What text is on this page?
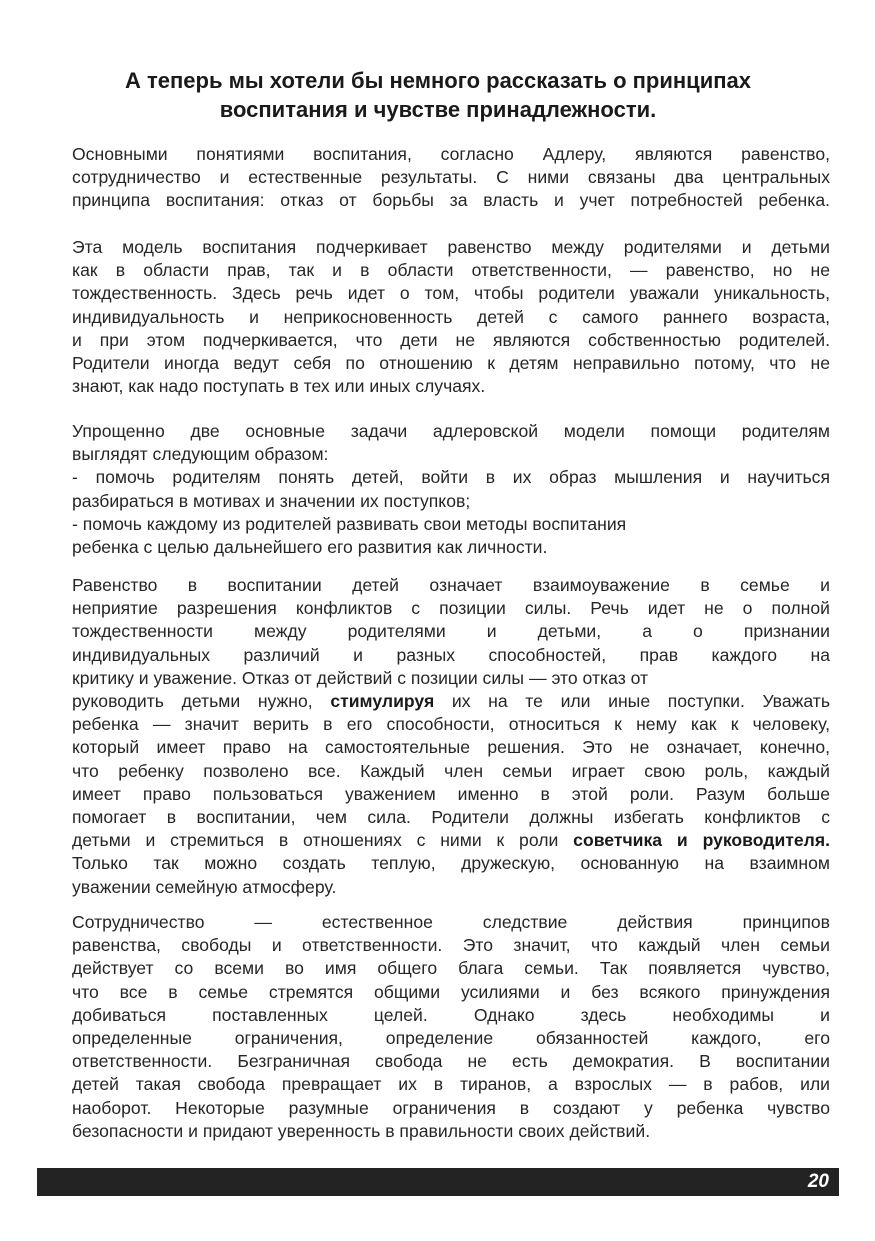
А теперь мы хотели бы немного рассказать о принципах
воспитания и чувстве принадлежности.

Основными понятиями воспитания, согласно Адлеру, являются равенство,
сотрудничество и естественные результаты. С ними связаны два центральных
принципа воспитания: отказ от борьбы за власть и учет потребностей ребенка.

Эта модель воспитания подчеркивает равенство между родителями и детьми
как в области прав, так и в области ответственности, — равенство, но не
тождественность. Здесь речь идет о том, чтобы родители уважали уникальность,
индивидуальность и неприкосновенность детей с самого раннего возраста,
и при этом подчеркивается, что дети не являются собственностью родителей.
Родители иногда ведут себя по отношению к детям неправильно потому, что не
знают, как надо поступать в тех или иных случаях.

Упрощенно две основные задачи адлеровской модели помощи родителям
выглядят следующим образом:
- помочь родителям понять детей, войти в их образ мышления и научиться
разбираться в мотивах и значении их поступков;
- помочь каждому из родителей развивать свои методы воспитания
ребенка с целью дальнейшего его развития как личности.

Равенство в воспитании детей означает взаимоуважение в семье и
неприятие разрешения конфликтов с позиции силы. Речь идет не о полной
тождественности между родителями и детьми, а о признании
индивидуальных различий и разных способностей, прав каждого на
критику и уважение. Отказ от действий с позиции силы — это отказ от
руководить детьми нужно, стимулируя их на те или иные поступки. Уважать
ребенка — значит верить в его способности, относиться к нему как к человеку,
который имеет право на самостоятельные решения. Это не означает, конечно,
что ребенку позволено все. Каждый член семьи играет свою роль, каждый
имеет право пользоваться уважением именно в этой роли. Разум больше
помогает в воспитании, чем сила. Родители должны избегать конфликтов с
детьми и стремиться в отношениях с ними к роли советчика и руководителя.
Только так можно создать теплую, дружескую, основанную на взаимном
уважении семейную атмосферу.

Сотрудничество — естественное следствие действия принципов
равенства, свободы и ответственности. Это значит, что каждый член семьи
действует со всеми во имя общего блага семьи. Так появляется чувство,
что все в семье стремятся общими усилиями и без всякого принуждения
добиваться поставленных целей. Однако здесь необходимы и
определенные ограничения, определение обязанностей каждого, его
ответственности. Безграничная свобода не есть демократия. В воспитании
детей такая свобода превращает их в тиранов, а взрослых — в рабов, или
наоборот. Некоторые разумные ограничения в создают у ребенка чувство
безопасности и придают уверенность в правильности своих действий.

20
